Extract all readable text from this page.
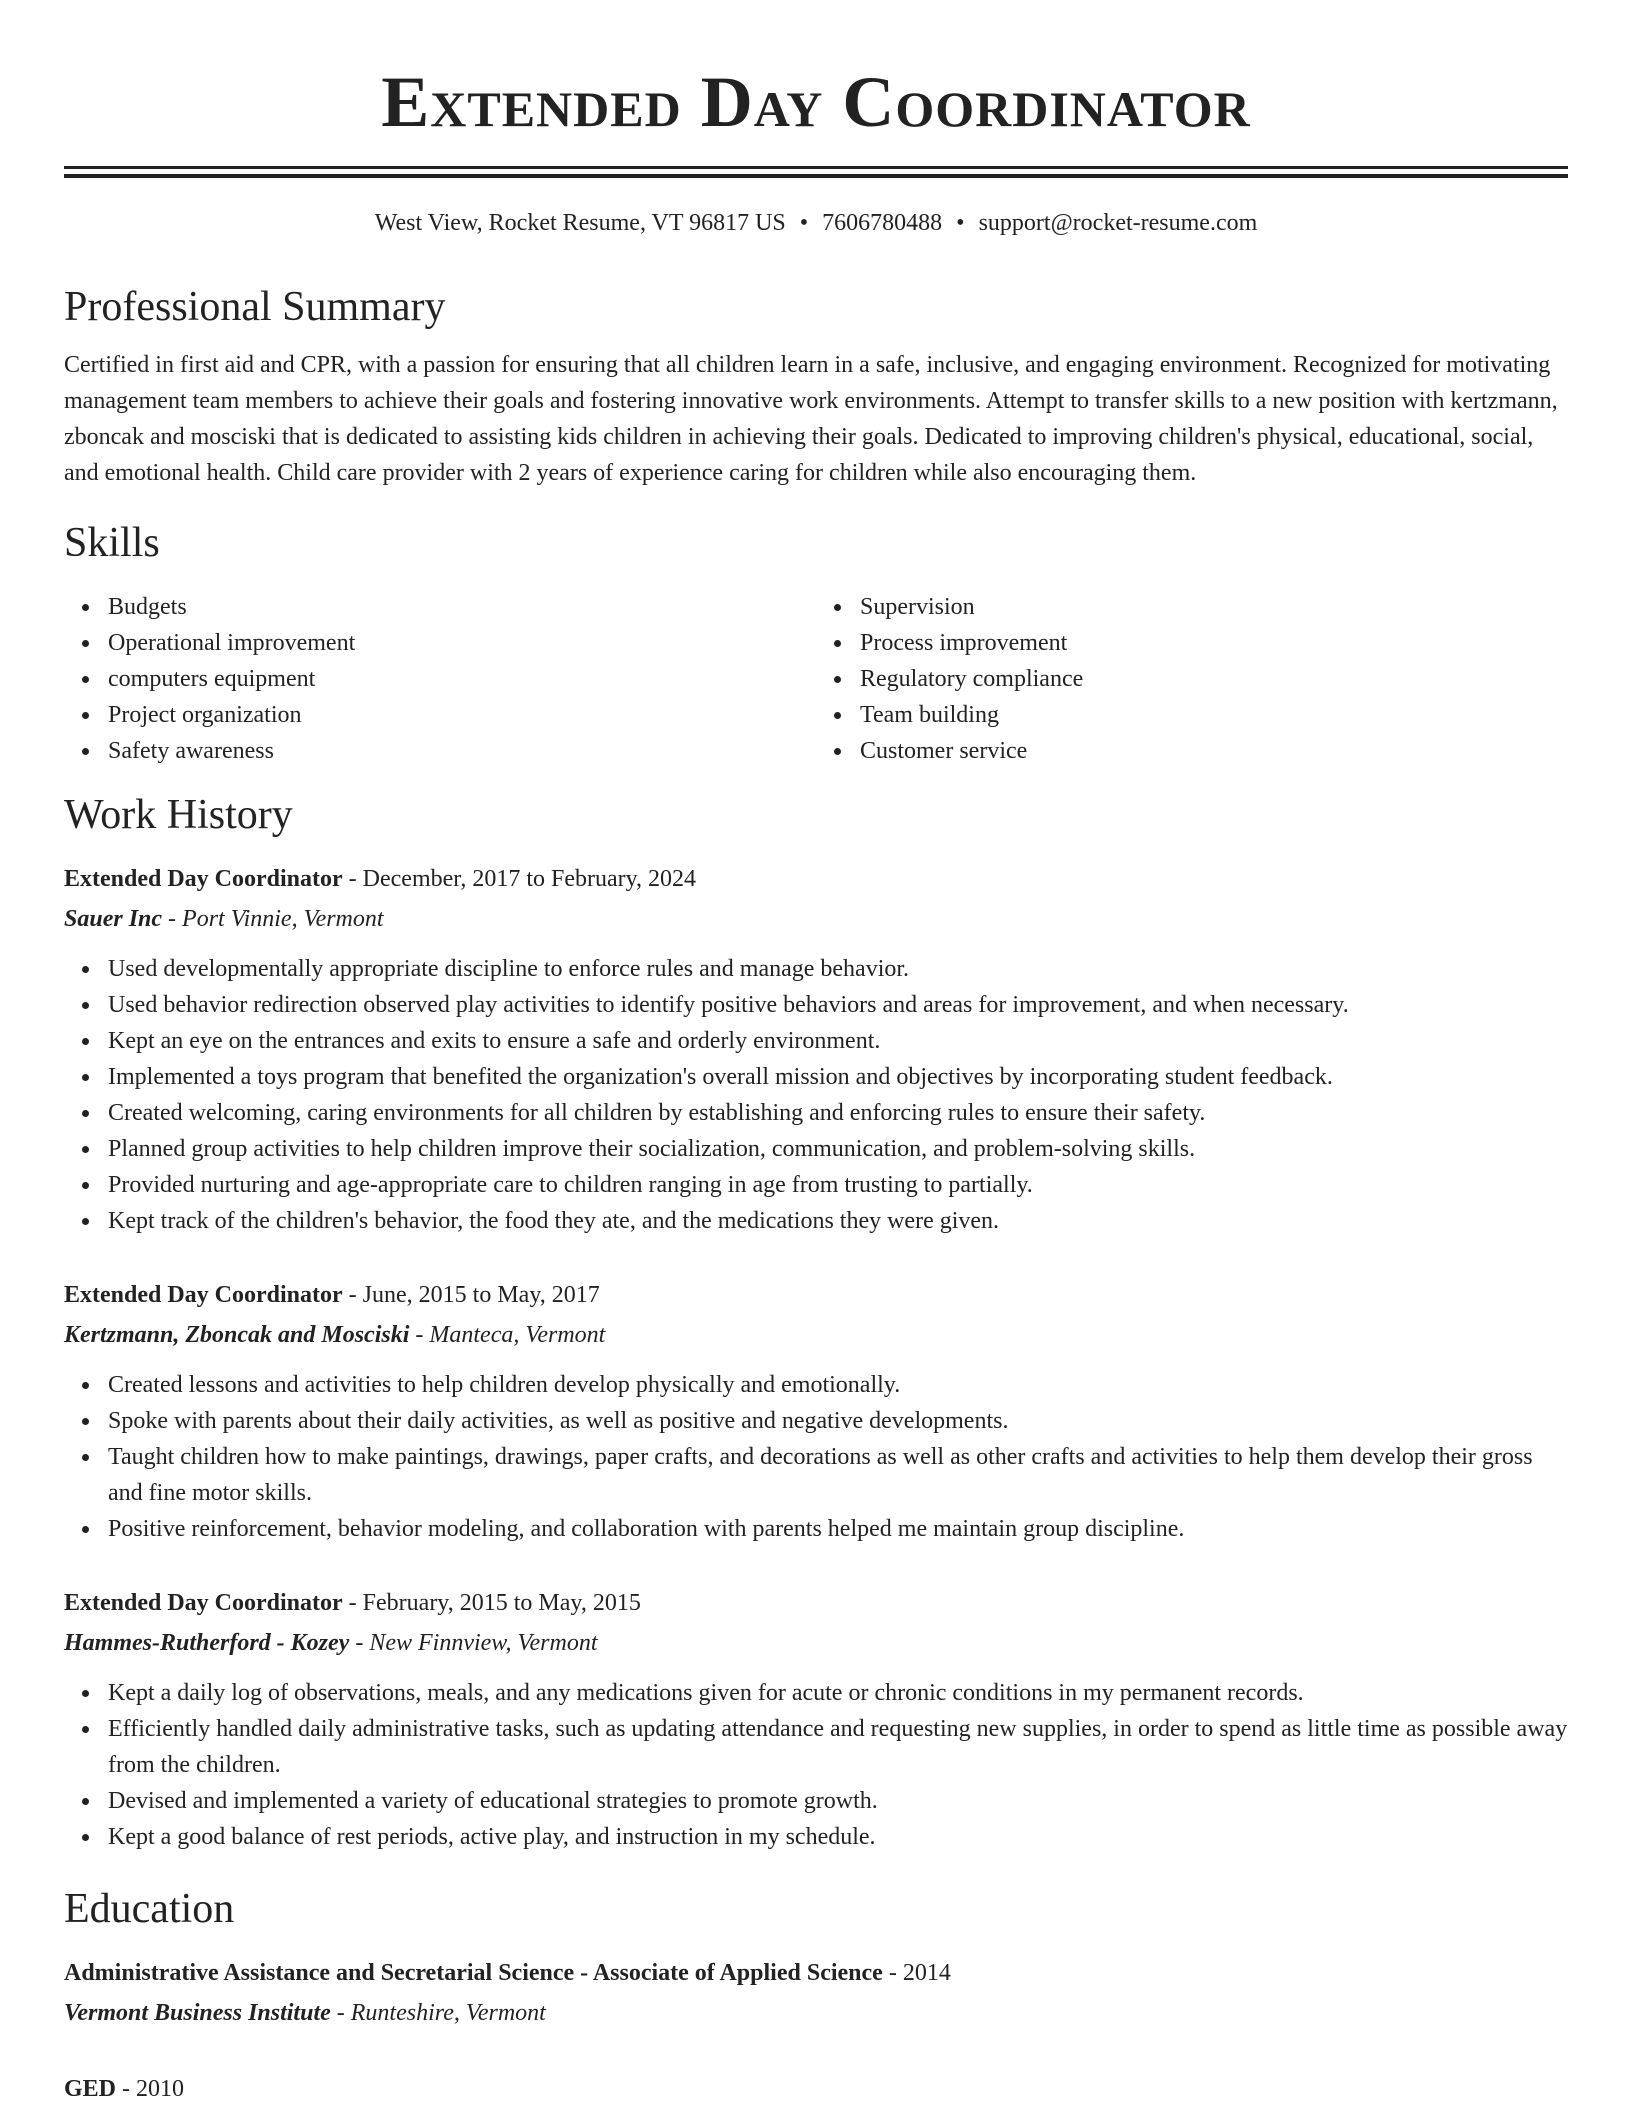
Extended Day Coordinator
West View, Rocket Resume, VT 96817 US • 7606780488 • support@rocket-resume.com
Professional Summary

Certified in first aid and CPR, with a passion for ensuring that all children learn in a safe, inclusive, and engaging environment. Recognized for motivating management team members to achieve their goals and fostering innovative work environments. Attempt to transfer skills to a new position with kertzmann, zboncak and mosciski that is dedicated to assisting kids children in achieving their goals. Dedicated to improving children's physical, educational, social, and emotional health. Child care provider with 2 years of experience caring for children while also encouraging them.

Skills
Budgets
Operational improvement
computers equipment
Project organization
Safety awareness
Supervision
Process improvement
Regulatory compliance
Team building
Customer service
Work History
Extended Day Coordinator - December, 2017 to February, 2024
Sauer Inc - Port Vinnie, Vermont
Used developmentally appropriate discipline to enforce rules and manage behavior.
Used behavior redirection observed play activities to identify positive behaviors and areas for improvement, and when necessary.
Kept an eye on the entrances and exits to ensure a safe and orderly environment.
Implemented a toys program that benefited the organization's overall mission and objectives by incorporating student feedback.
Created welcoming, caring environments for all children by establishing and enforcing rules to ensure their safety.
Planned group activities to help children improve their socialization, communication, and problem-solving skills.
Provided nurturing and age-appropriate care to children ranging in age from trusting to partially.
Kept track of the children's behavior, the food they ate, and the medications they were given.
Extended Day Coordinator - June, 2015 to May, 2017
Kertzmann, Zboncak and Mosciski - Manteca, Vermont
Created lessons and activities to help children develop physically and emotionally.
Spoke with parents about their daily activities, as well as positive and negative developments.
Taught children how to make paintings, drawings, paper crafts, and decorations as well as other crafts and activities to help them develop their gross and fine motor skills.
Positive reinforcement, behavior modeling, and collaboration with parents helped me maintain group discipline.
Extended Day Coordinator - February, 2015 to May, 2015
Hammes-Rutherford - Kozey - New Finnview, Vermont
Kept a daily log of observations, meals, and any medications given for acute or chronic conditions in my permanent records.
Efficiently handled daily administrative tasks, such as updating attendance and requesting new supplies, in order to spend as little time as possible away from the children.
Devised and implemented a variety of educational strategies to promote growth.
Kept a good balance of rest periods, active play, and instruction in my schedule.
Education
Administrative Assistance and Secretarial Science - Associate of Applied Science - 2014
Vermont Business Institute - Runteshire, Vermont
GED - 2010
